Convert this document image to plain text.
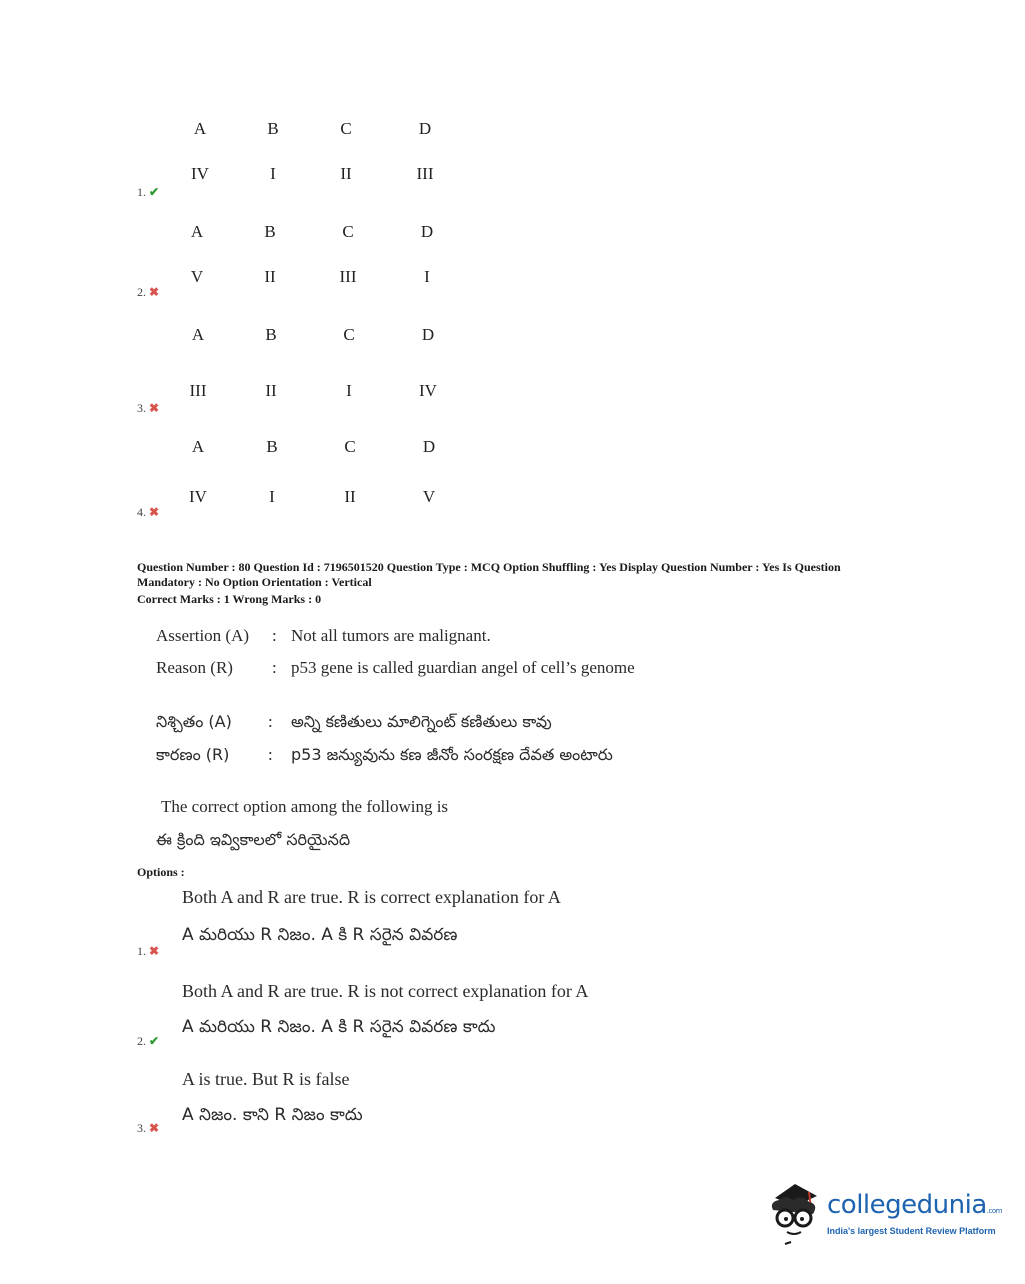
A	B	C	D
IV	I	II	III
1. ✔
A	B	C	D
V	II	III	I
2. ✖
A	B	C	D
III	II	I	IV
3. ✖
A	B	C	D
IV	I	II	V
4. ✖
Question Number : 80 Question Id : 7196501520 Question Type : MCQ Option Shuffling : Yes Display Question Number : Yes Is Question
Mandatory : No Option Orientation : Vertical
Correct Marks : 1 Wrong Marks : 0
Assertion (A) : Not all tumors are malignant.
Reason (R) : p53 gene is called guardian angel of cell’s genome
నిశ్చితం (A) : అన్ని కణితులు మాలిగ్నెంట్ కణితులు కావు
కారణం (R) : p53 జన్యువును కణ జీనోం సంరక్షణ దేవత అంటారు
The correct option among the following is
ఈ క్రింది ఇవ్వికాలలో సరియైనది
Options :
Both A and R are true. R is correct explanation for A
A మరియు R నిజం. A కి R సరైన వివరణ
1. ✖
Both A and R are true. R is not correct explanation for A
A మరియు R నిజం. A కి R సరైన వివరణ కాదు
2. ✔
A is true. But R is false
A నిజం. కాని R నిజం కాదు
3. ✖
collegedunia.com
India's largest Student Review Platform
